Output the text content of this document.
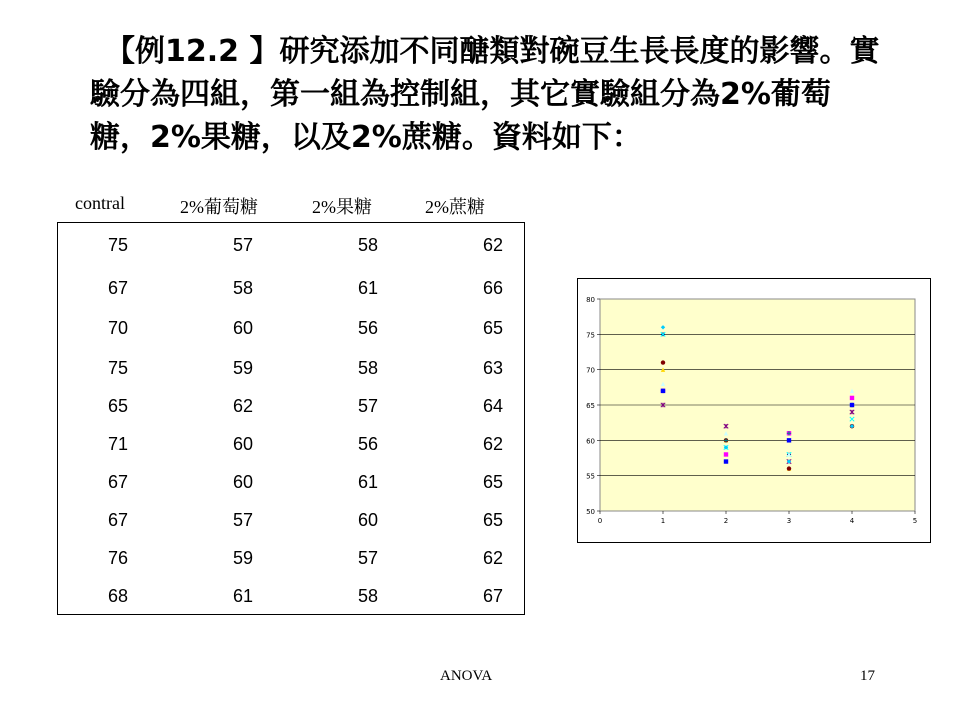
【例12.2 】研究添加不同醣類對碗豆生長長度的影響。實
驗分為四組，第一組為控制組，其它實驗組分為2%葡萄
糖，2%果糖，以及2%蔗糖。資料如下：
contral	2%葡萄糖	2%果糖	2%蔗糖
75	57	58	62
67	58	61	66
70	60	56	65
75	59	58	63
65	62	57	64
71	60	56	62
67	60	61	65
67	57	60	65
76	59	57	62
68	61	58	67
50
55
60
65
70
75
80
0	1	2	3	4	5
ANOVA	17
